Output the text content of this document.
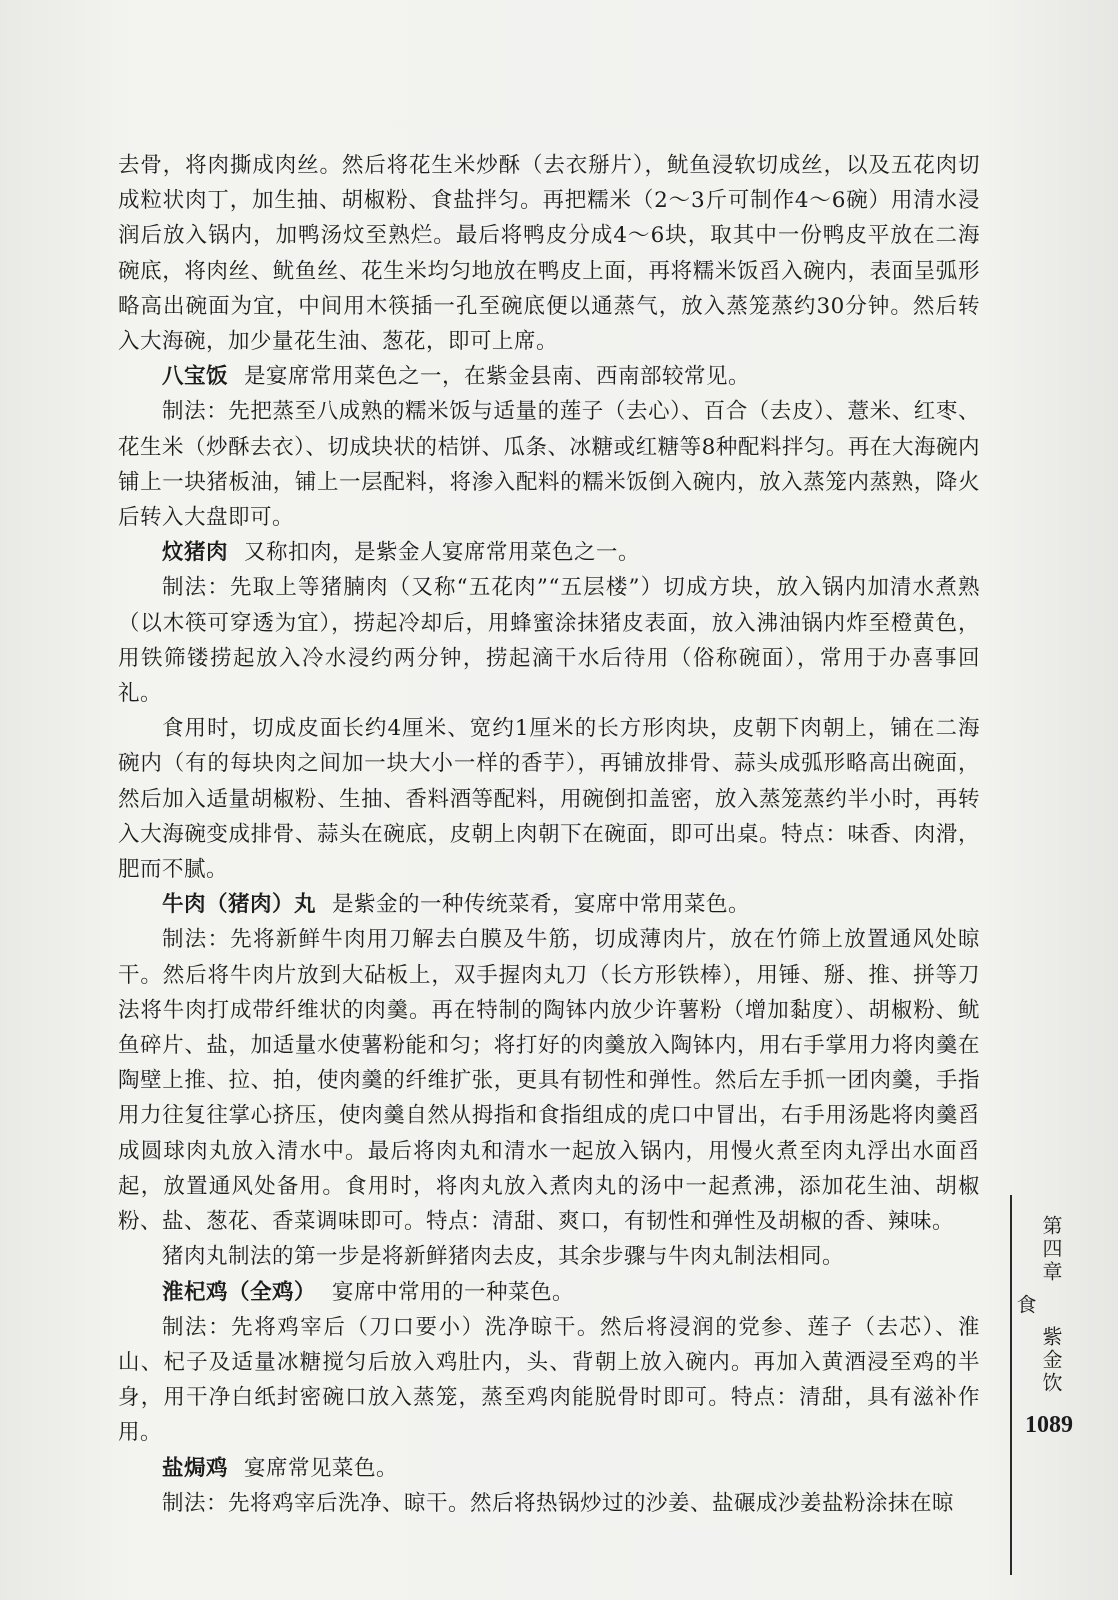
去骨，将肉撕成肉丝。然后将花生米炒酥（去衣掰片），鱿鱼浸软切成丝，以及五花肉切成粒状肉丁，加生抽、胡椒粉、食盐拌匀。再把糯米（2～3斤可制作4～6碗）用清水浸润后放入锅内，加鸭汤炆至熟烂。最后将鸭皮分成4～6块，取其中一份鸭皮平放在二海碗底，将肉丝、鱿鱼丝、花生米均匀地放在鸭皮上面，再将糯米饭舀入碗内，表面呈弧形略高出碗面为宜，中间用木筷插一孔至碗底便以通蒸气，放入蒸笼蒸约30分钟。然后转入大海碗，加少量花生油、葱花，即可上席。

八宝饭 是宴席常用菜色之一，在紫金县南、西南部较常见。

制法：先把蒸至八成熟的糯米饭与适量的莲子（去心）、百合（去皮）、薏米、红枣、花生米（炒酥去衣）、切成块状的桔饼、瓜条、冰糖或红糖等8种配料拌匀。再在大海碗内铺上一块猪板油，铺上一层配料，将渗入配料的糯米饭倒入碗内，放入蒸笼内蒸熟，降火后转入大盘即可。

炆猪肉 又称扣肉，是紫金人宴席常用菜色之一。

制法：先取上等猪腩肉（又称“五花肉”“五层楼”）切成方块，放入锅内加清水煮熟（以木筷可穿透为宜），捞起冷却后，用蜂蜜涂抹猪皮表面，放入沸油锅内炸至橙黄色，用铁筛镂捞起放入冷水浸约两分钟，捞起滴干水后待用（俗称碗面），常用于办喜事回礼。

食用时，切成皮面长约4厘米、宽约1厘米的长方形肉块，皮朝下肉朝上，铺在二海碗内（有的每块肉之间加一块大小一样的香芋），再铺放排骨、蒜头成弧形略高出碗面，然后加入适量胡椒粉、生抽、香料酒等配料，用碗倒扣盖密，放入蒸笼蒸约半小时，再转入大海碗变成排骨、蒜头在碗底，皮朝上肉朝下在碗面，即可出桌。特点：味香、肉滑，肥而不腻。

牛肉（猪肉）丸 是紫金的一种传统菜肴，宴席中常用菜色。

制法：先将新鲜牛肉用刀解去白膜及牛筋，切成薄肉片，放在竹筛上放置通风处晾干。然后将牛肉片放到大砧板上，双手握肉丸刀（长方形铁棒），用锤、掰、推、拼等刀法将牛肉打成带纤维状的肉羹。再在特制的陶钵内放少许薯粉（增加黏度）、胡椒粉、鱿鱼碎片、盐，加适量水使薯粉能和匀；将打好的肉羹放入陶钵内，用右手掌用力将肉羹在陶壁上推、拉、拍，使肉羹的纤维扩张，更具有韧性和弹性。然后左手抓一团肉羹，手指用力往复往掌心挤压，使肉羹自然从拇指和食指组成的虎口中冒出，右手用汤匙将肉羹舀成圆球肉丸放入清水中。最后将肉丸和清水一起放入锅内，用慢火煮至肉丸浮出水面舀起，放置通风处备用。食用时，将肉丸放入煮肉丸的汤中一起煮沸，添加花生油、胡椒粉、盐、葱花、香菜调味即可。特点：清甜、爽口，有韧性和弹性及胡椒的香、辣味。

猪肉丸制法的第一步是将新鲜猪肉去皮，其余步骤与牛肉丸制法相同。

淮杞鸡（全鸡） 宴席中常用的一种菜色。

制法：先将鸡宰后（刀口要小）洗净晾干。然后将浸润的党参、莲子（去芯）、淮山、杞子及适量冰糖搅匀后放入鸡肚内，头、背朝上放入碗内。再加入黄酒浸至鸡的半身，用干净白纸封密碗口放入蒸笼，蒸至鸡肉能脱骨时即可。特点：清甜，具有滋补作用。

盐焗鸡 宴席常见菜色。

制法：先将鸡宰后洗净、晾干。然后将热锅炒过的沙姜、盐碾成沙姜盐粉涂抹在晾

第四章 　 紫金饮食
1089
